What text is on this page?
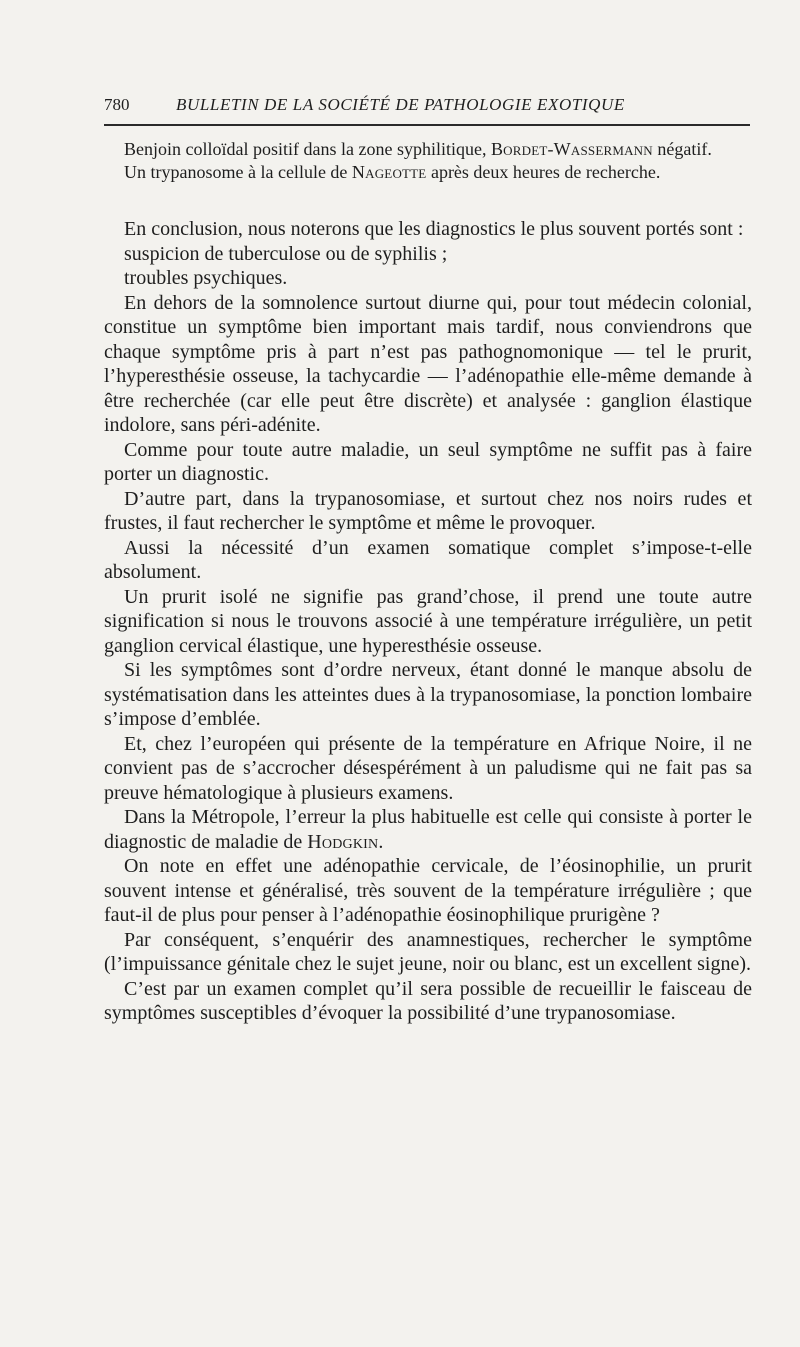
780	BULLETIN DE LA SOCIÉTÉ DE PATHOLOGIE EXOTIQUE

Benjoin colloïdal positif dans la zone syphilitique, Bordet-Wassermann négatif.

Un trypanosome à la cellule de Nageotte après deux heures de recherche.

En conclusion, nous noterons que les diagnostics le plus souvent portés sont :

suspicion de tuberculose ou de syphilis ;

troubles psychiques.

En dehors de la somnolence surtout diurne qui, pour tout médecin colonial, constitue un symptôme bien important mais tardif, nous conviendrons que chaque symptôme pris à part n’est pas pathognomonique — tel le prurit, l’hyperesthésie osseuse, la tachycardie — l’adénopathie elle-même demande à être recherchée (car elle peut être discrète) et analysée : ganglion élastique indolore, sans péri-adénite.

Comme pour toute autre maladie, un seul symptôme ne suffit pas à faire porter un diagnostic.

D’autre part, dans la trypanosomiase, et surtout chez nos noirs rudes et frustes, il faut rechercher le symptôme et même le provoquer.

Aussi la nécessité d’un examen somatique complet s’impose-t-elle absolument.

Un prurit isolé ne signifie pas grand’chose, il prend une toute autre signification si nous le trouvons associé à une température irrégulière, un petit ganglion cervical élastique, une hyperesthésie osseuse.

Si les symptômes sont d’ordre nerveux, étant donné le manque absolu de systématisation dans les atteintes dues à la trypanosomiase, la ponction lombaire s’impose d’emblée.

Et, chez l’européen qui présente de la température en Afrique Noire, il ne convient pas de s’accrocher désespérément à un paludisme qui ne fait pas sa preuve hématologique à plusieurs examens.

Dans la Métropole, l’erreur la plus habituelle est celle qui consiste à porter le diagnostic de maladie de Hodgkin.

On note en effet une adénopathie cervicale, de l’éosinophilie, un prurit souvent intense et généralisé, très souvent de la température irrégulière ; que faut-il de plus pour penser à l’adénopathie éosinophilique prurigène ?

Par conséquent, s’enquérir des anamnestiques, rechercher le symptôme (l’impuissance génitale chez le sujet jeune, noir ou blanc, est un excellent signe).

C’est par un examen complet qu’il sera possible de recueillir le faisceau de symptômes susceptibles d’évoquer la possibilité d’une trypanosomiase.
